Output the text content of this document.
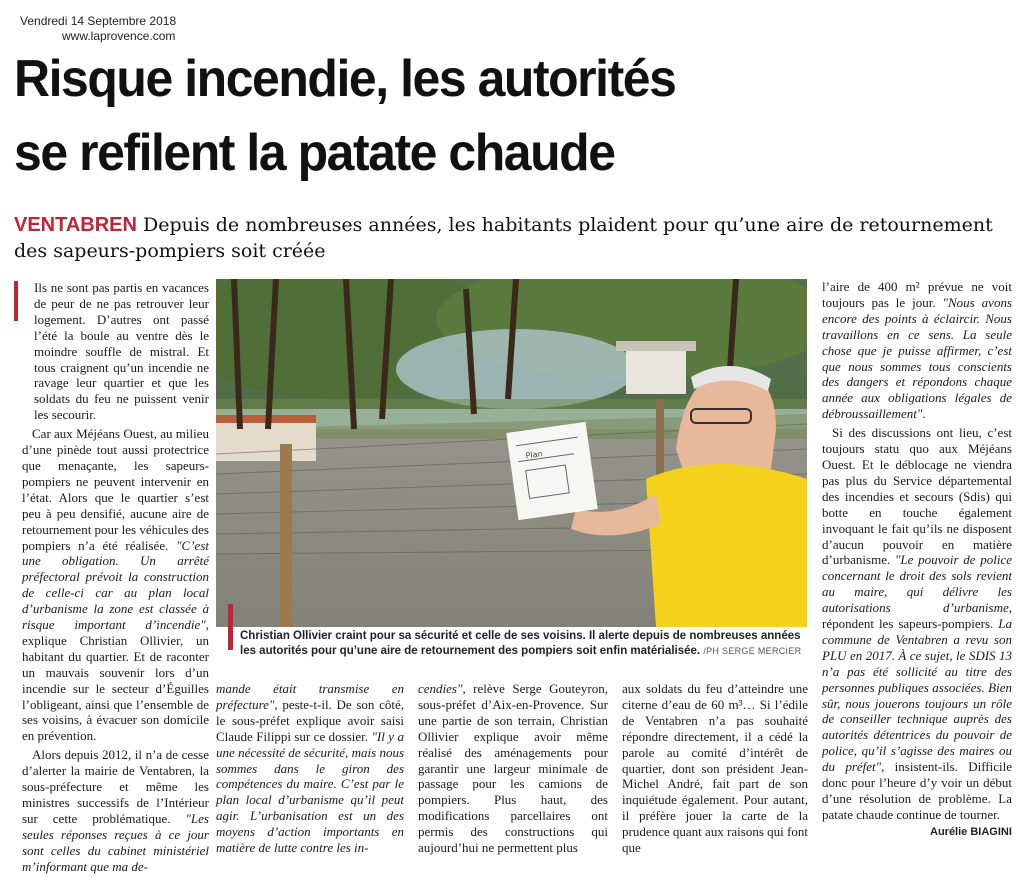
Vendredi 14 Septembre 2018
www.laprovence.com
Risque incendie, les autorités
se refilent la patate chaude
VENTABREN Depuis de nombreuses années, les habitants plaident pour qu’une aire de retournement des sapeurs-pompiers soit créée

Ils ne sont pas partis en vacances de peur de ne pas retrouver leur logement. D’autres ont passé l’été la boule au ventre dès le moindre souffle de mistral. Et tous craignent qu’un incendie ne ravage leur quartier et que les soldats du feu ne puissent venir les secourir.

Car aux Méjéans Ouest, au milieu d’une pinède tout aussi protectrice que menaçante, les sapeurs-pompiers ne peuvent intervenir en l’état. Alors que le quartier s’est peu à peu densifié, aucune aire de retournement pour les véhicules des pompiers n’a été réalisée. "C’est une obligation. Un arrêté préfectoral prévoit la construction de celle-ci car au plan local d’urbanisme la zone est classée à risque important d’incendie", explique Christian Ollivier, un habitant du quartier. Et de raconter un mauvais souvenir lors d’un incendie sur le secteur d’Éguilles l’obligeant, ainsi que l’ensemble de ses voisins, à évacuer son domicile en prévention.

Alors depuis 2012, il n’a de cesse d’alerter la mairie de Ventabren, la sous-préfecture et même les ministres successifs de l’Intérieur sur cette problématique. "Les seules réponses reçues à ce jour sont celles du cabinet ministériel m’informant que ma de-

Plan
Christian Ollivier craint pour sa sécurité et celle de ses voisins. Il alerte depuis de nombreuses années les autorités pour qu’une aire de retournement des pompiers soit enfin matérialisée. /PH SERGE MERCIER

mande était transmise en préfecture", peste-t-il. De son côté, le sous-préfet explique avoir saisi Claude Filippi sur ce dossier. "Il y a une nécessité de sécurité, mais nous sommes dans le giron des compétences du maire. C’est par le plan local d’urbanisme qu’il peut agir. L’urbanisation est un des moyens d’action importants en matière de lutte contre les in-

cendies", relève Serge Gouteyron, sous-préfet d’Aix-en-Provence. Sur une partie de son terrain, Christian Ollivier explique avoir même réalisé des aménagements pour garantir une largeur minimale de passage pour les camions de pompiers. Plus haut, des modifications parcellaires ont permis des constructions qui aujourd’hui ne permettent plus

aux soldats du feu d’atteindre une citerne d’eau de 60 m³… Si l’édile de Ventabren n’a pas souhaité répondre directement, il a cédé la parole au comité d’intérêt de quartier, dont son président Jean-Michel André, fait part de son inquiétude également. Pour autant, il préfère jouer la carte de la prudence quant aux raisons qui font que

l’aire de 400 m² prévue ne voit toujours pas le jour. "Nous avons encore des points à éclaircir. Nous travaillons en ce sens. La seule chose que je puisse affirmer, c’est que nous sommes tous conscients des dangers et répondons chaque année aux obligations légales de débroussaillement".

Si des discussions ont lieu, c’est toujours statu quo aux Méjéans Ouest. Et le déblocage ne viendra pas plus du Service départemental des incendies et secours (Sdis) qui botte en touche également invoquant le fait qu’ils ne disposent d’aucun pouvoir en matière d’urbanisme. "Le pouvoir de police concernant le droit des sols revient au maire, qui délivre les autorisations d’urbanisme, répondent les sapeurs-pompiers. La commune de Ventabren a revu son PLU en 2017. À ce sujet, le SDIS 13 n’a pas été sollicité au titre des personnes publiques associées. Bien sûr, nous jouerons toujours un rôle de conseiller technique auprès des autorités détentrices du pouvoir de police, qu’il s’agisse des maires ou du préfet", insistent-ils. Difficile donc pour l’heure d’y voir un début d’une résolution de problème. La patate chaude continue de tourner.

Aurélie BIAGINI
